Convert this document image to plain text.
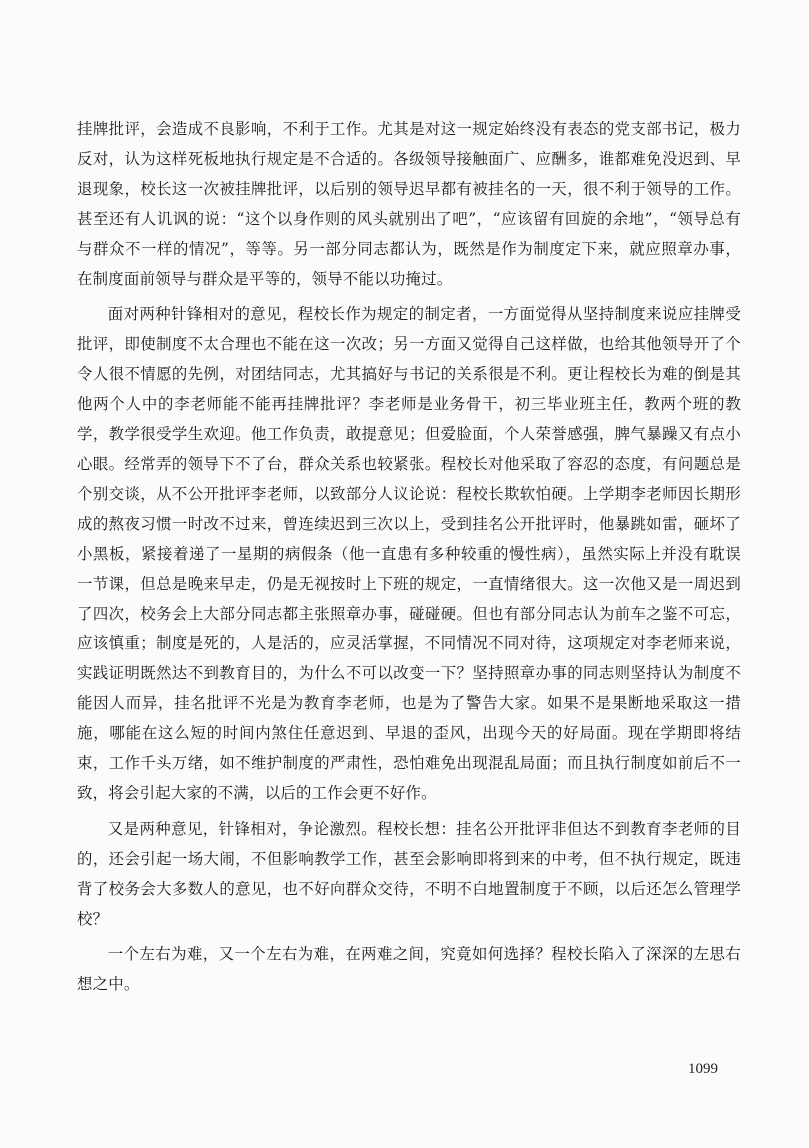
挂牌批评，会造成不良影响，不利于工作。尤其是对这一规定始终没有表态的党支部书记，极力反对，认为这样死板地执行规定是不合适的。各级领导接触面广、应酬多，谁都难免没迟到、早退现象，校长这一次被挂牌批评，以后别的领导迟早都有被挂名的一天，很不利于领导的工作。甚至还有人讥讽的说：“这个以身作则的风头就别出了吧”，“应该留有回旋的余地”，“领导总有与群众不一样的情况”，等等。另一部分同志都认为，既然是作为制度定下来，就应照章办事，在制度面前领导与群众是平等的，领导不能以功掩过。

面对两种针锋相对的意见，程校长作为规定的制定者，一方面觉得从坚持制度来说应挂牌受批评，即使制度不太合理也不能在这一次改；另一方面又觉得自己这样做，也给其他领导开了个令人很不情愿的先例，对团结同志，尤其搞好与书记的关系很是不利。更让程校长为难的倒是其他两个人中的李老师能不能再挂牌批评？李老师是业务骨干，初三毕业班主任，教两个班的教学，教学很受学生欢迎。他工作负责，敢提意见；但爱脸面，个人荣誉感强，脾气暴躁又有点小心眼。经常弄的领导下不了台，群众关系也较紧张。程校长对他采取了容忍的态度，有问题总是个别交谈，从不公开批评李老师，以致部分人议论说：程校长欺软怕硬。上学期李老师因长期形成的熬夜习惯一时改不过来，曾连续迟到三次以上，受到挂名公开批评时，他暴跳如雷，砸坏了小黑板，紧接着递了一星期的病假条（他一直患有多种较重的慢性病），虽然实际上并没有耽误一节课，但总是晚来早走，仍是无视按时上下班的规定，一直情绪很大。这一次他又是一周迟到了四次，校务会上大部分同志都主张照章办事，碰碰硬。但也有部分同志认为前车之鉴不可忘，应该慎重；制度是死的，人是活的，应灵活掌握，不同情况不同对待，这项规定对李老师来说，实践证明既然达不到教育目的，为什么不可以改变一下？坚持照章办事的同志则坚持认为制度不能因人而异，挂名批评不光是为教育李老师，也是为了警告大家。如果不是果断地采取这一措施，哪能在这么短的时间内煞住任意迟到、早退的歪风，出现今天的好局面。现在学期即将结束，工作千头万绪，如不维护制度的严肃性，恐怕难免出现混乱局面；而且执行制度如前后不一致，将会引起大家的不满，以后的工作会更不好作。

又是两种意见，针锋相对，争论激烈。程校长想：挂名公开批评非但达不到教育李老师的目的，还会引起一场大闹，不但影响教学工作，甚至会影响即将到来的中考，但不执行规定，既违背了校务会大多数人的意见，也不好向群众交待，不明不白地置制度于不顾，以后还怎么管理学校？

一个左右为难，又一个左右为难，在两难之间，究竟如何选择？程校长陷入了深深的左思右想之中。

1099
